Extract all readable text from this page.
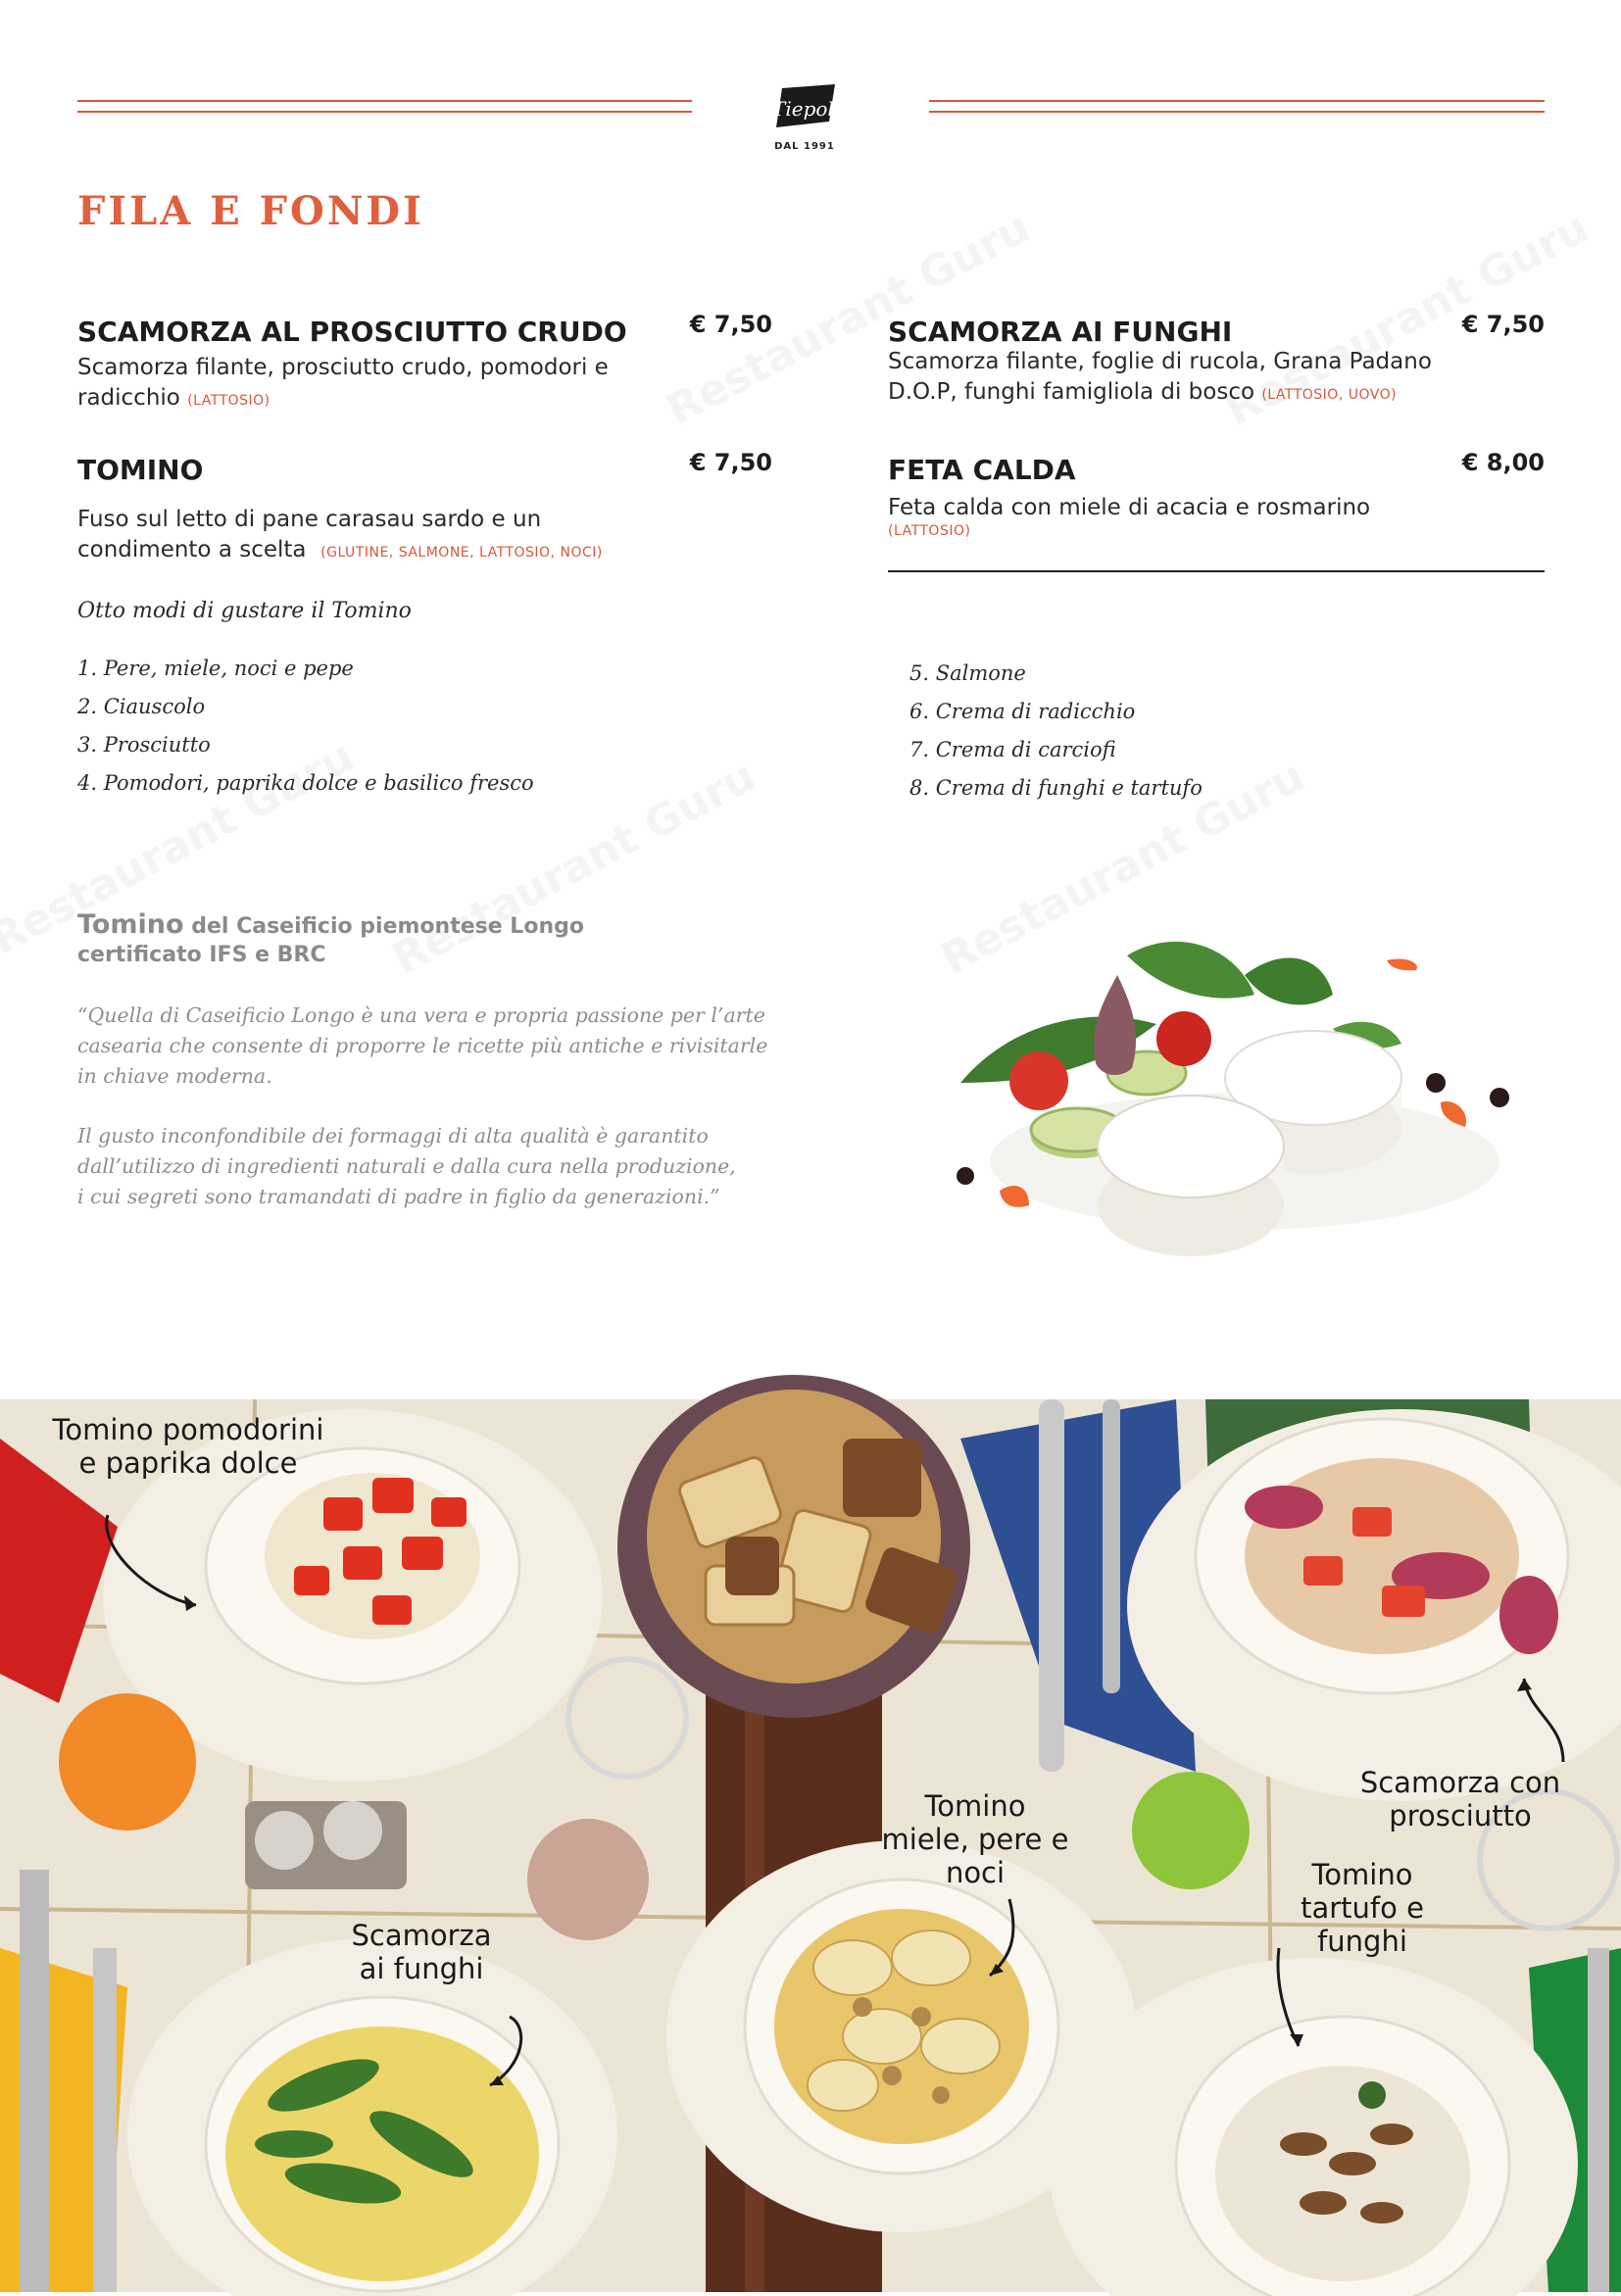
Tiepolo
DAL 1991
FILA E FONDI
SCAMORZA AL PROSCIUTTO CRUDO	€ 7,50
Scamorza filante, prosciutto crudo, pomodori e
radicchio (LATTOSIO)
SCAMORZA AI FUNGHI	€ 7,50
Scamorza filante, foglie di rucola, Grana Padano
D.O.P, funghi famigliola di bosco (LATTOSIO, UOVO)
TOMINO	€ 7,50
Fuso sul letto di pane carasau sardo e un
condimento a scelta (GLUTINE, SALMONE, LATTOSIO, NOCI)
FETA CALDA	€ 8,00
Feta calda con miele di acacia e rosmarino
(LATTOSIO)
Otto modi di gustare il Tomino
1. Pere, miele, noci e pepe
2. Ciauscolo
3. Prosciutto
4. Pomodori, paprika dolce e basilico fresco
5. Salmone
6. Crema di radicchio
7. Crema di carciofi
8. Crema di funghi e tartufo
Tomino del Caseificio piemontese Longo
certificato IFS e BRC
“Quella di Caseificio Longo è una vera e propria passione per l’arte
casearia che consente di proporre le ricette più antiche e rivisitarle
in chiave moderna.
Il gusto inconfondibile dei formaggi di alta qualità è garantito
dall’utilizzo di ingredienti naturali e dalla cura nella produzione,
i cui segreti sono tramandati di padre in figlio da generazioni.”
Tomino pomodorini
e paprika dolce
Scamorza con
prosciutto
Tomino
miele, pere e
noci	Tomino
tartufo e
funghi
Scamorza
ai funghi
